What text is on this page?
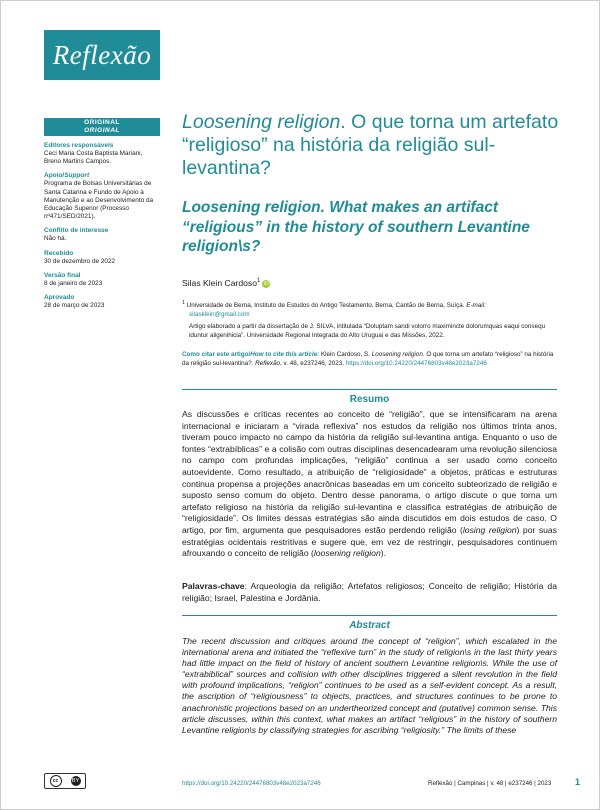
Reflexão
ORIGINAL
ORIGINAL
Editores responsáveis
Ceci Maria Costa Baptista Mariani, Breno Martins Campos.
Apoio/Support
Programa de Bolsas Universitárias de Santa Catarina e Fundo de Apoio à Manutenção e ao Desenvolvimento da Educação Superior (Processo nº471/SED/2021).
Conflito de interesse
Não há.
Recebido
30 de dezembro de 2022
Versão final
8 de janeiro de 2023
Aprovado
28 de março de 2023
Loosening religion. O que torna um artefato “religioso” na história da religião sul-levantina?
Loosening religion. What makes an artifact “religious” in the history of southern Levantine religion\s?
Silas Klein Cardoso$^1$ iD

$^1$ Universidade de Berna, Instituto de Estudos do Antigo Testamento. Berna, Cantão de Berna, Suíça. E-mail:
silasklein@gmail.com

Artigo elaborado a partir da dissertação de J. SILVA, intitulada “Doluptam sandi volorro maximincte dolorumquas eaqui consequ iduntur aligenihicia”. Universidade Regional Integrada do Alto Uruguai e das Missões, 2022.

Como citar este artigo/How to cite this article: Klein Cardoso, S. Loosening religion. O que torna um artefato “religioso” na história da religião sul-levantina?. Reflexão, v. 48, e237246, 2023. https://doi.org/10.24220/24476803v48e2023a7246
Resumo

As discussões e críticas recentes ao conceito de “religião”, que se intensificaram na arena internacional e iniciaram a “virada reflexiva” nos estudos da religião nos últimos trinta anos, tiveram pouco impacto no campo da história da religião sul-levantina antiga. Enquanto o uso de fontes “extrabíblicas” e a colisão com outras disciplinas desencadearam uma revolução silenciosa no campo com profundas implicações, “religião” continua a ser usado como conceito autoevidente. Como resultado, a atribuição de “religiosidade” a objetos, práticas e estruturas continua propensa a projeções anacrônicas baseadas em um conceito subteorizado de religião e suposto senso comum do objeto. Dentro desse panorama, o artigo discute o que torna um artefato religioso na história da religião sul-levantina e classifica estratégias de atribuição de “religiosidade”. Os limites dessas estratégias são ainda discutidos em dois estudos de caso. O artigo, por fim, argumenta que pesquisadores estão perdendo religião (losing religion) por suas estratégias ocidentais restritivas e sugere que, em vez de restringir, pesquisadores continuem afrouxando o conceito de religião (loosening religion).

Palavras-chave: Arqueologia da religião; Artefatos religiosos; Conceito de religião; História da religião; Israel, Palestina e Jordânia.

Abstract

The recent discussion and critiques around the concept of “religion”, which escalated in the international arena and initiated the “reflexive turn” in the study of religion\s in the last thirty years had little impact on the field of history of ancient southern Levantine religion\s. While the use of “extrabiblical” sources and collision with other disciplines triggered a silent revolution in the field with profound implications, “religion” continues to be used as a self-evident concept. As a result, the ascription of “religiousness” to objects, practices, and structures continues to be prone to anachronistic projections based on an undertheorized concept and (putative) common sense. This article discusses, within this context, what makes an artifact “religious” in the history of southern Levantine religion\s by classifying strategies for ascribing “religiosity.” The limits of these

cc	BY	https://doi.org/10.24220/24476803v48e2023a7246	Reflexão | Campinas | v. 48 | e237246 | 2023	1
